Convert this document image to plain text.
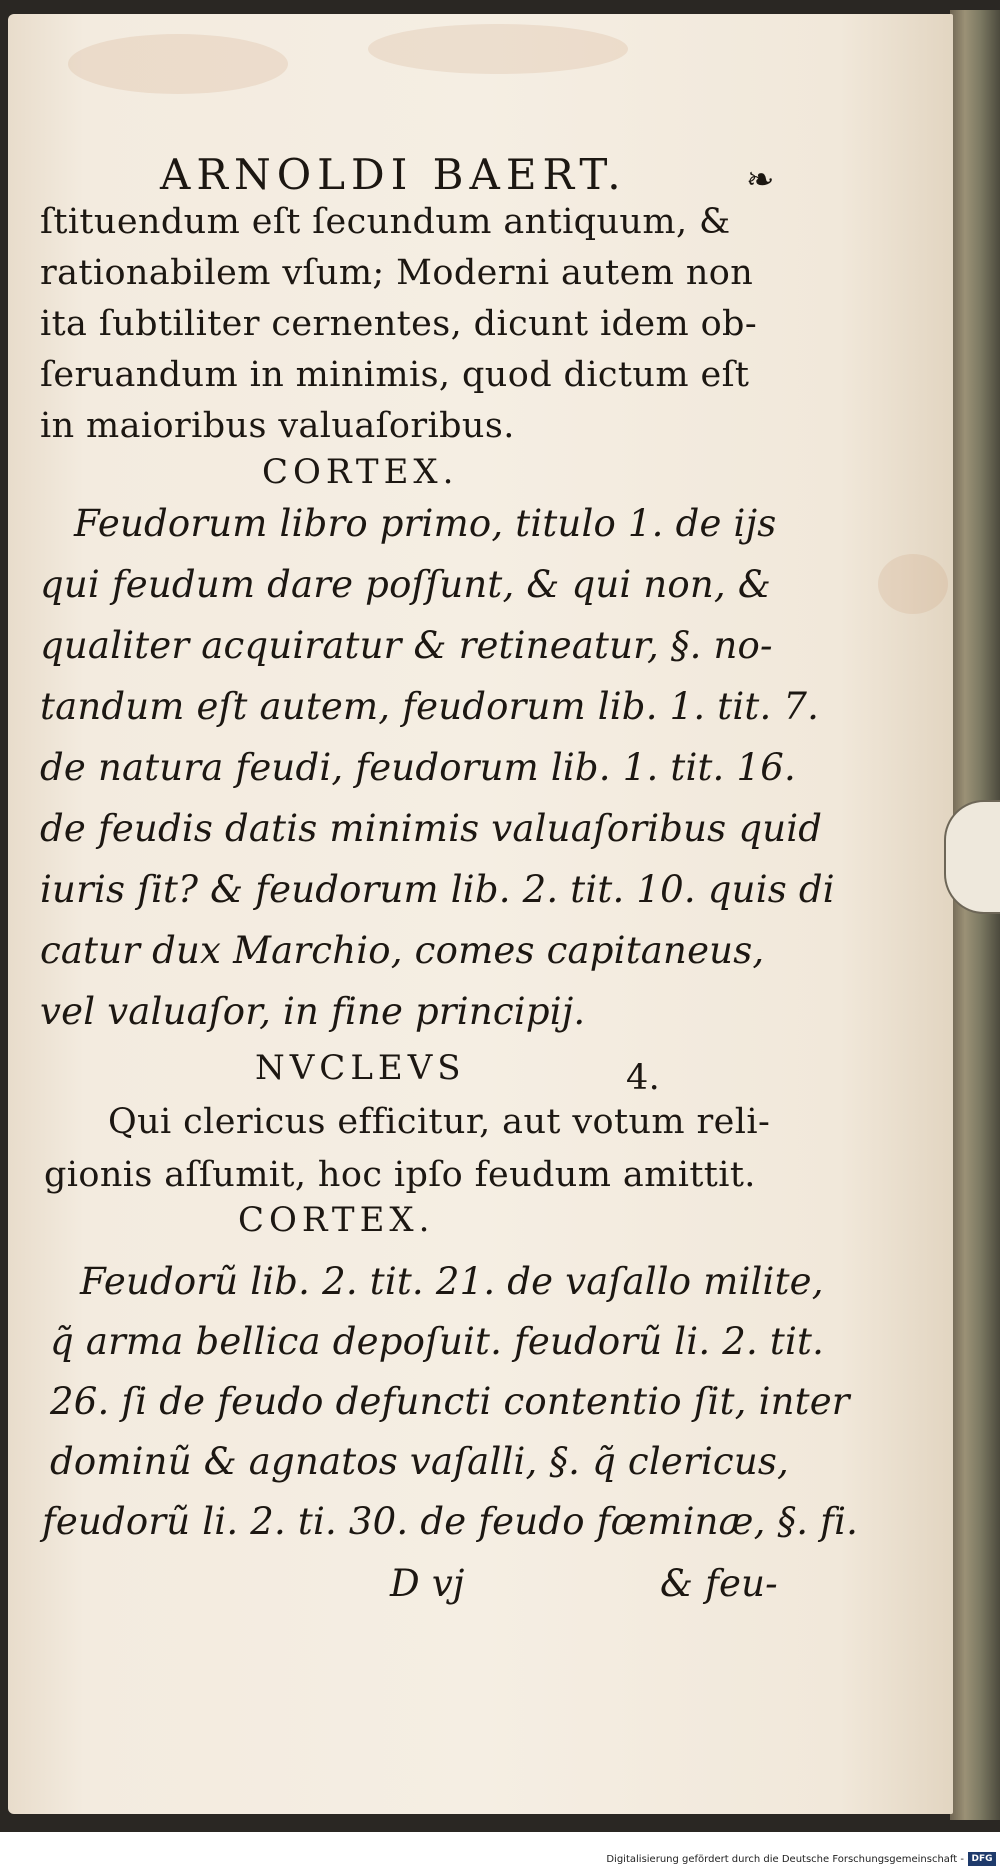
ARNOLDI BAERT.	❧
ſtituendum eſt ſecundum antiquum, &
rationabilem vſum; Moderni autem non
ita ſubtiliter cernentes, dicunt idem ob-
ſeruandum in minimis, quod dictum eſt
in maioribus valuaſoribus.
CORTEX.
Feudorum libro primo, titulo 1. de ijs
qui feudum dare poſſunt, & qui non, &
qualiter acquiratur & retineatur, §. no-
tandum eſt autem, feudorum lib. 1. tit. 7.
de natura feudi, feudorum lib. 1. tit. 16.
de feudis datis minimis valuaſoribus quid
iuris ſit? & feudorum lib. 2. tit. 10. quis di
catur dux Marchio, comes capitaneus,
vel valuaſor, in fine principij.
NVCLEVS	4.
Qui clericus efficitur, aut votum reli-
gionis aſſumit, hoc ipſo feudum amittit.
CORTEX.
Feudorũ lib. 2. tit. 21. de vaſallo milite,
q̃ arma bellica depoſuit. feudorũ li. 2. tit.
26. ſi de feudo defuncti contentio ſit, inter
dominũ & agnatos vaſalli, §. q̃ clericus,
feudorũ li. 2. ti. 30. de feudo fœminæ, §. fi.
D vj	& feu-
Digitalisierung gefördert durch die Deutsche Forschungsgemeinschaft - DFG
